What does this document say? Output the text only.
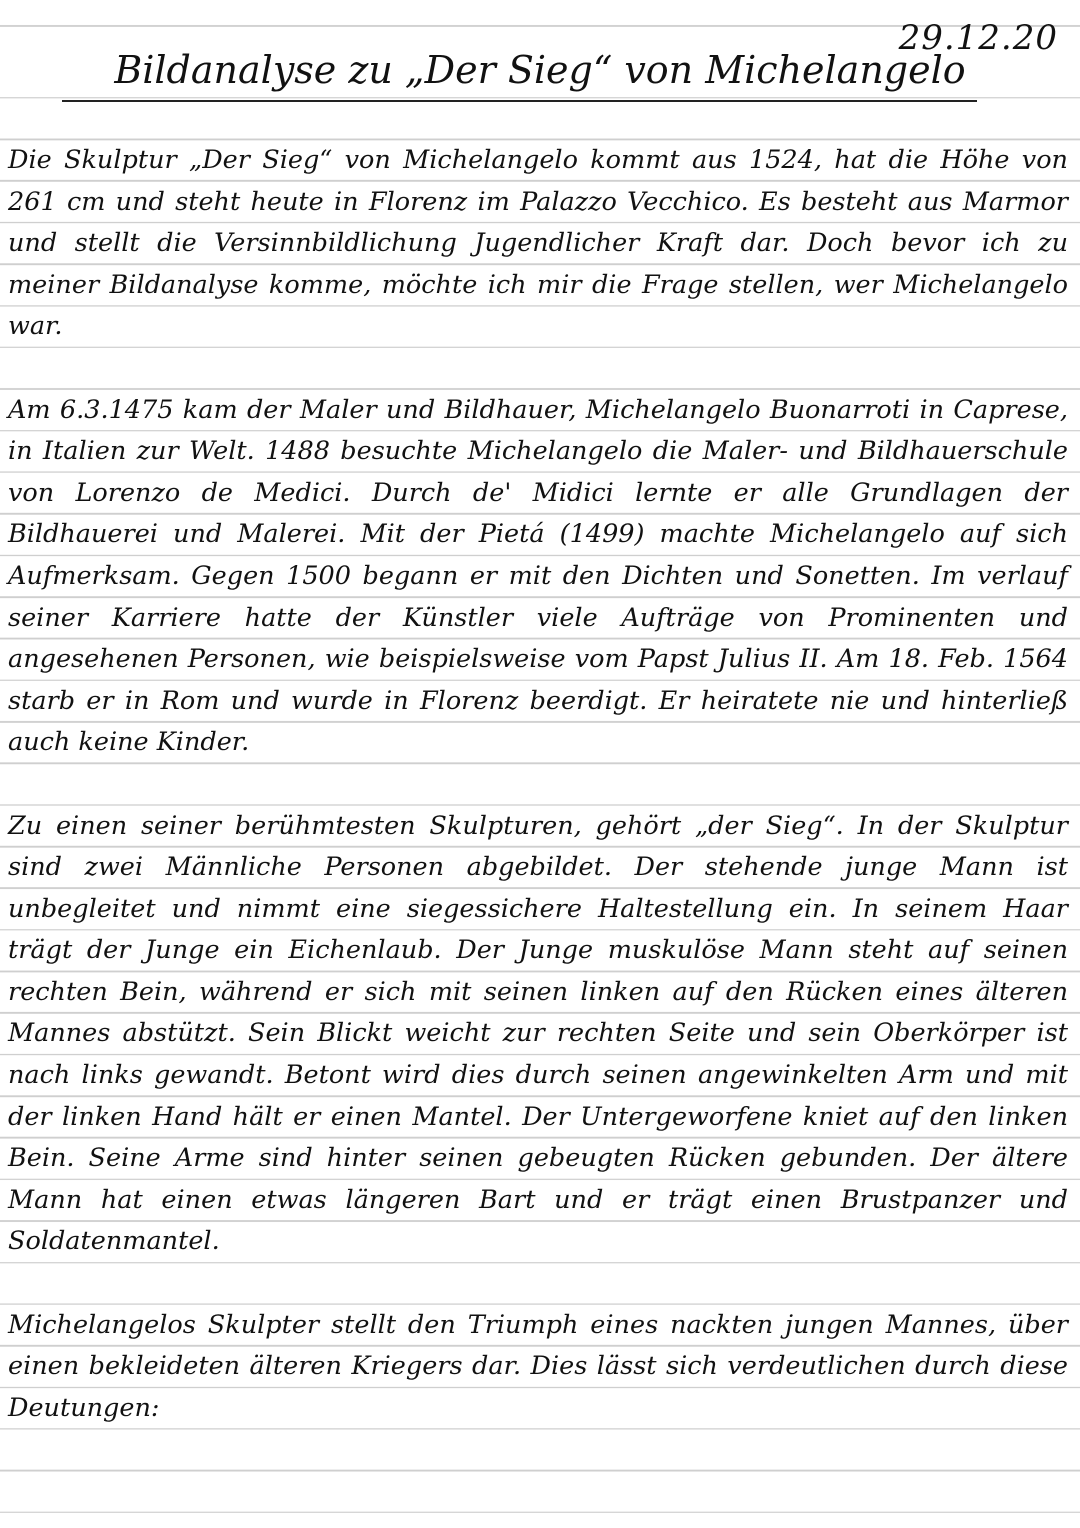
29.12.20
Bildanalyse zu „Der Sieg“ von Michelangelo

Die Skulptur „Der Sieg“ von Michelangelo kommt aus 1524, hat die Höhe von 261 cm und steht heute in Florenz im Palazzo Vecchico. Es besteht aus Marmor und stellt die Versinnbildlichung Jugendlicher Kraft dar. Doch bevor ich zu meiner Bildanalyse komme, möchte ich mir die Frage stellen, wer Michelangelo war.

Am 6.3.1475 kam der Maler und Bildhauer, Michelangelo Buonarroti in Caprese, in Italien zur Welt. 1488 besuchte Michelangelo die Maler- und Bildhauerschule von Lorenzo de Medici. Durch de' Midici lernte er alle Grundlagen der Bildhauerei und Malerei. Mit der Pietá (1499) machte Michelangelo auf sich Aufmerksam. Gegen 1500 begann er mit den Dichten und Sonetten. Im verlauf seiner Karriere hatte der Künstler viele Aufträge von Prominenten und angesehenen Personen, wie beispielsweise vom Papst Julius II. Am 18. Feb. 1564 starb er in Rom und wurde in Florenz beerdigt. Er heiratete nie und hinterließ auch keine Kinder.

Zu einen seiner berühmtesten Skulpturen, gehört „der Sieg“. In der Skulptur sind zwei Männliche Personen abgebildet. Der stehende junge Mann ist unbegleitet und nimmt eine siegessichere Haltestellung ein. In seinem Haar trägt der Junge ein Eichenlaub. Der Junge muskulöse Mann steht auf seinen rechten Bein, während er sich mit seinen linken auf den Rücken eines älteren Mannes abstützt. Sein Blickt weicht zur rechten Seite und sein Oberkörper ist nach links gewandt. Betont wird dies durch seinen angewinkelten Arm und mit der linken Hand hält er einen Mantel. Der Untergeworfene kniet auf den linken Bein. Seine Arme sind hinter seinen gebeugten Rücken gebunden. Der ältere Mann hat einen etwas längeren Bart und er trägt einen Brustpanzer und Soldatenmantel.

Michelangelos Skulpter stellt den Triumph eines nackten jungen Mannes, über einen bekleideten älteren Kriegers dar. Dies lässt sich verdeutlichen durch diese Deutungen:
